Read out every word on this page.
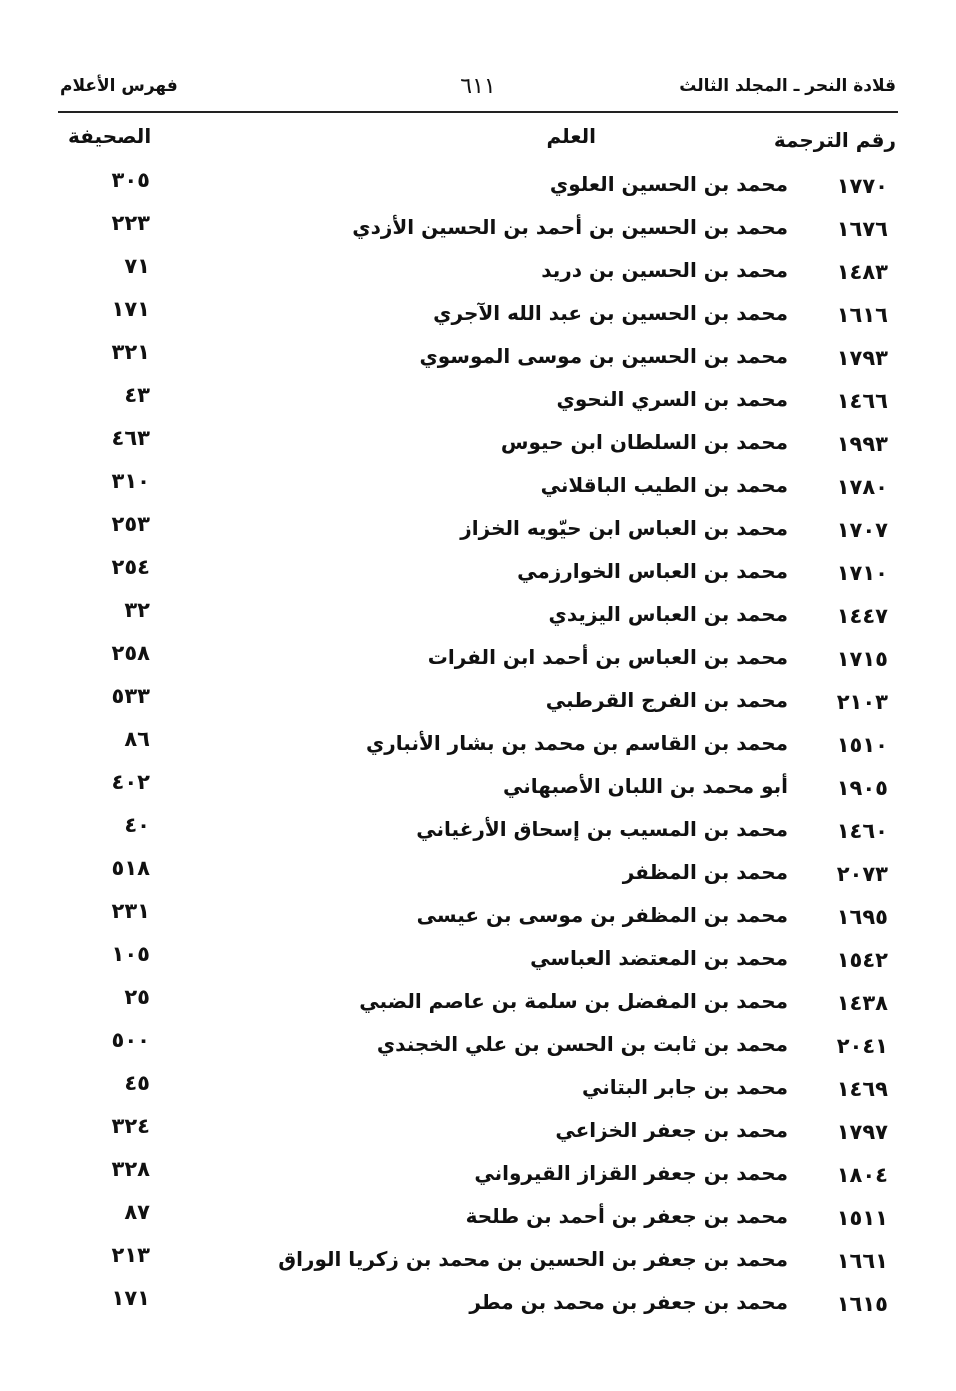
قلادة النحر ـ المجلد الثالث
٦١١
فهرس الأعلام
رقم الترجمة
العلم
الصحيفة
١٧٧٠
محمد بن الحسين العلوي
٣٠٥
١٦٧٦
محمد بن الحسين بن أحمد بن الحسين الأزدي
٢٢٣
١٤٨٣
محمد بن الحسين بن دريد
٧١
١٦١٦
محمد بن الحسين بن عبد الله الآجري
١٧١
١٧٩٣
محمد بن الحسين بن موسى الموسوي
٣٢١
١٤٦٦
محمد بن السري النحوي
٤٣
١٩٩٣
محمد بن السلطان ابن حيوس
٤٦٣
١٧٨٠
محمد بن الطيب الباقلاني
٣١٠
١٧٠٧
محمد بن العباس ابن حيّويه الخزاز
٢٥٣
١٧١٠
محمد بن العباس الخوارزمي
٢٥٤
١٤٤٧
محمد بن العباس اليزيدي
٣٢
١٧١٥
محمد بن العباس بن أحمد ابن الفرات
٢٥٨
٢١٠٣
محمد بن الفرج القرطبي
٥٣٣
١٥١٠
محمد بن القاسم بن محمد بن بشار الأنباري
٨٦
١٩٠٥
أبو محمد بن اللبان الأصبهاني
٤٠٢
١٤٦٠
محمد بن المسيب بن إسحاق الأرغياني
٤٠
٢٠٧٣
محمد بن المظفر
٥١٨
١٦٩٥
محمد بن المظفر بن موسى بن عيسى
٢٣١
١٥٤٢
محمد بن المعتضد العباسي
١٠٥
١٤٣٨
محمد بن المفضل بن سلمة بن عاصم الضبي
٢٥
٢٠٤١
محمد بن ثابت بن الحسن بن علي الخجندي
٥٠٠
١٤٦٩
محمد بن جابر البتاني
٤٥
١٧٩٧
محمد بن جعفر الخزاعي
٣٢٤
١٨٠٤
محمد بن جعفر القزاز القيرواني
٣٢٨
١٥١١
محمد بن جعفر بن أحمد بن طلحة
٨٧
١٦٦١
محمد بن جعفر بن الحسين بن محمد بن زكريا الوراق
٢١٣
١٦١٥
محمد بن جعفر بن محمد بن مطر
١٧١
